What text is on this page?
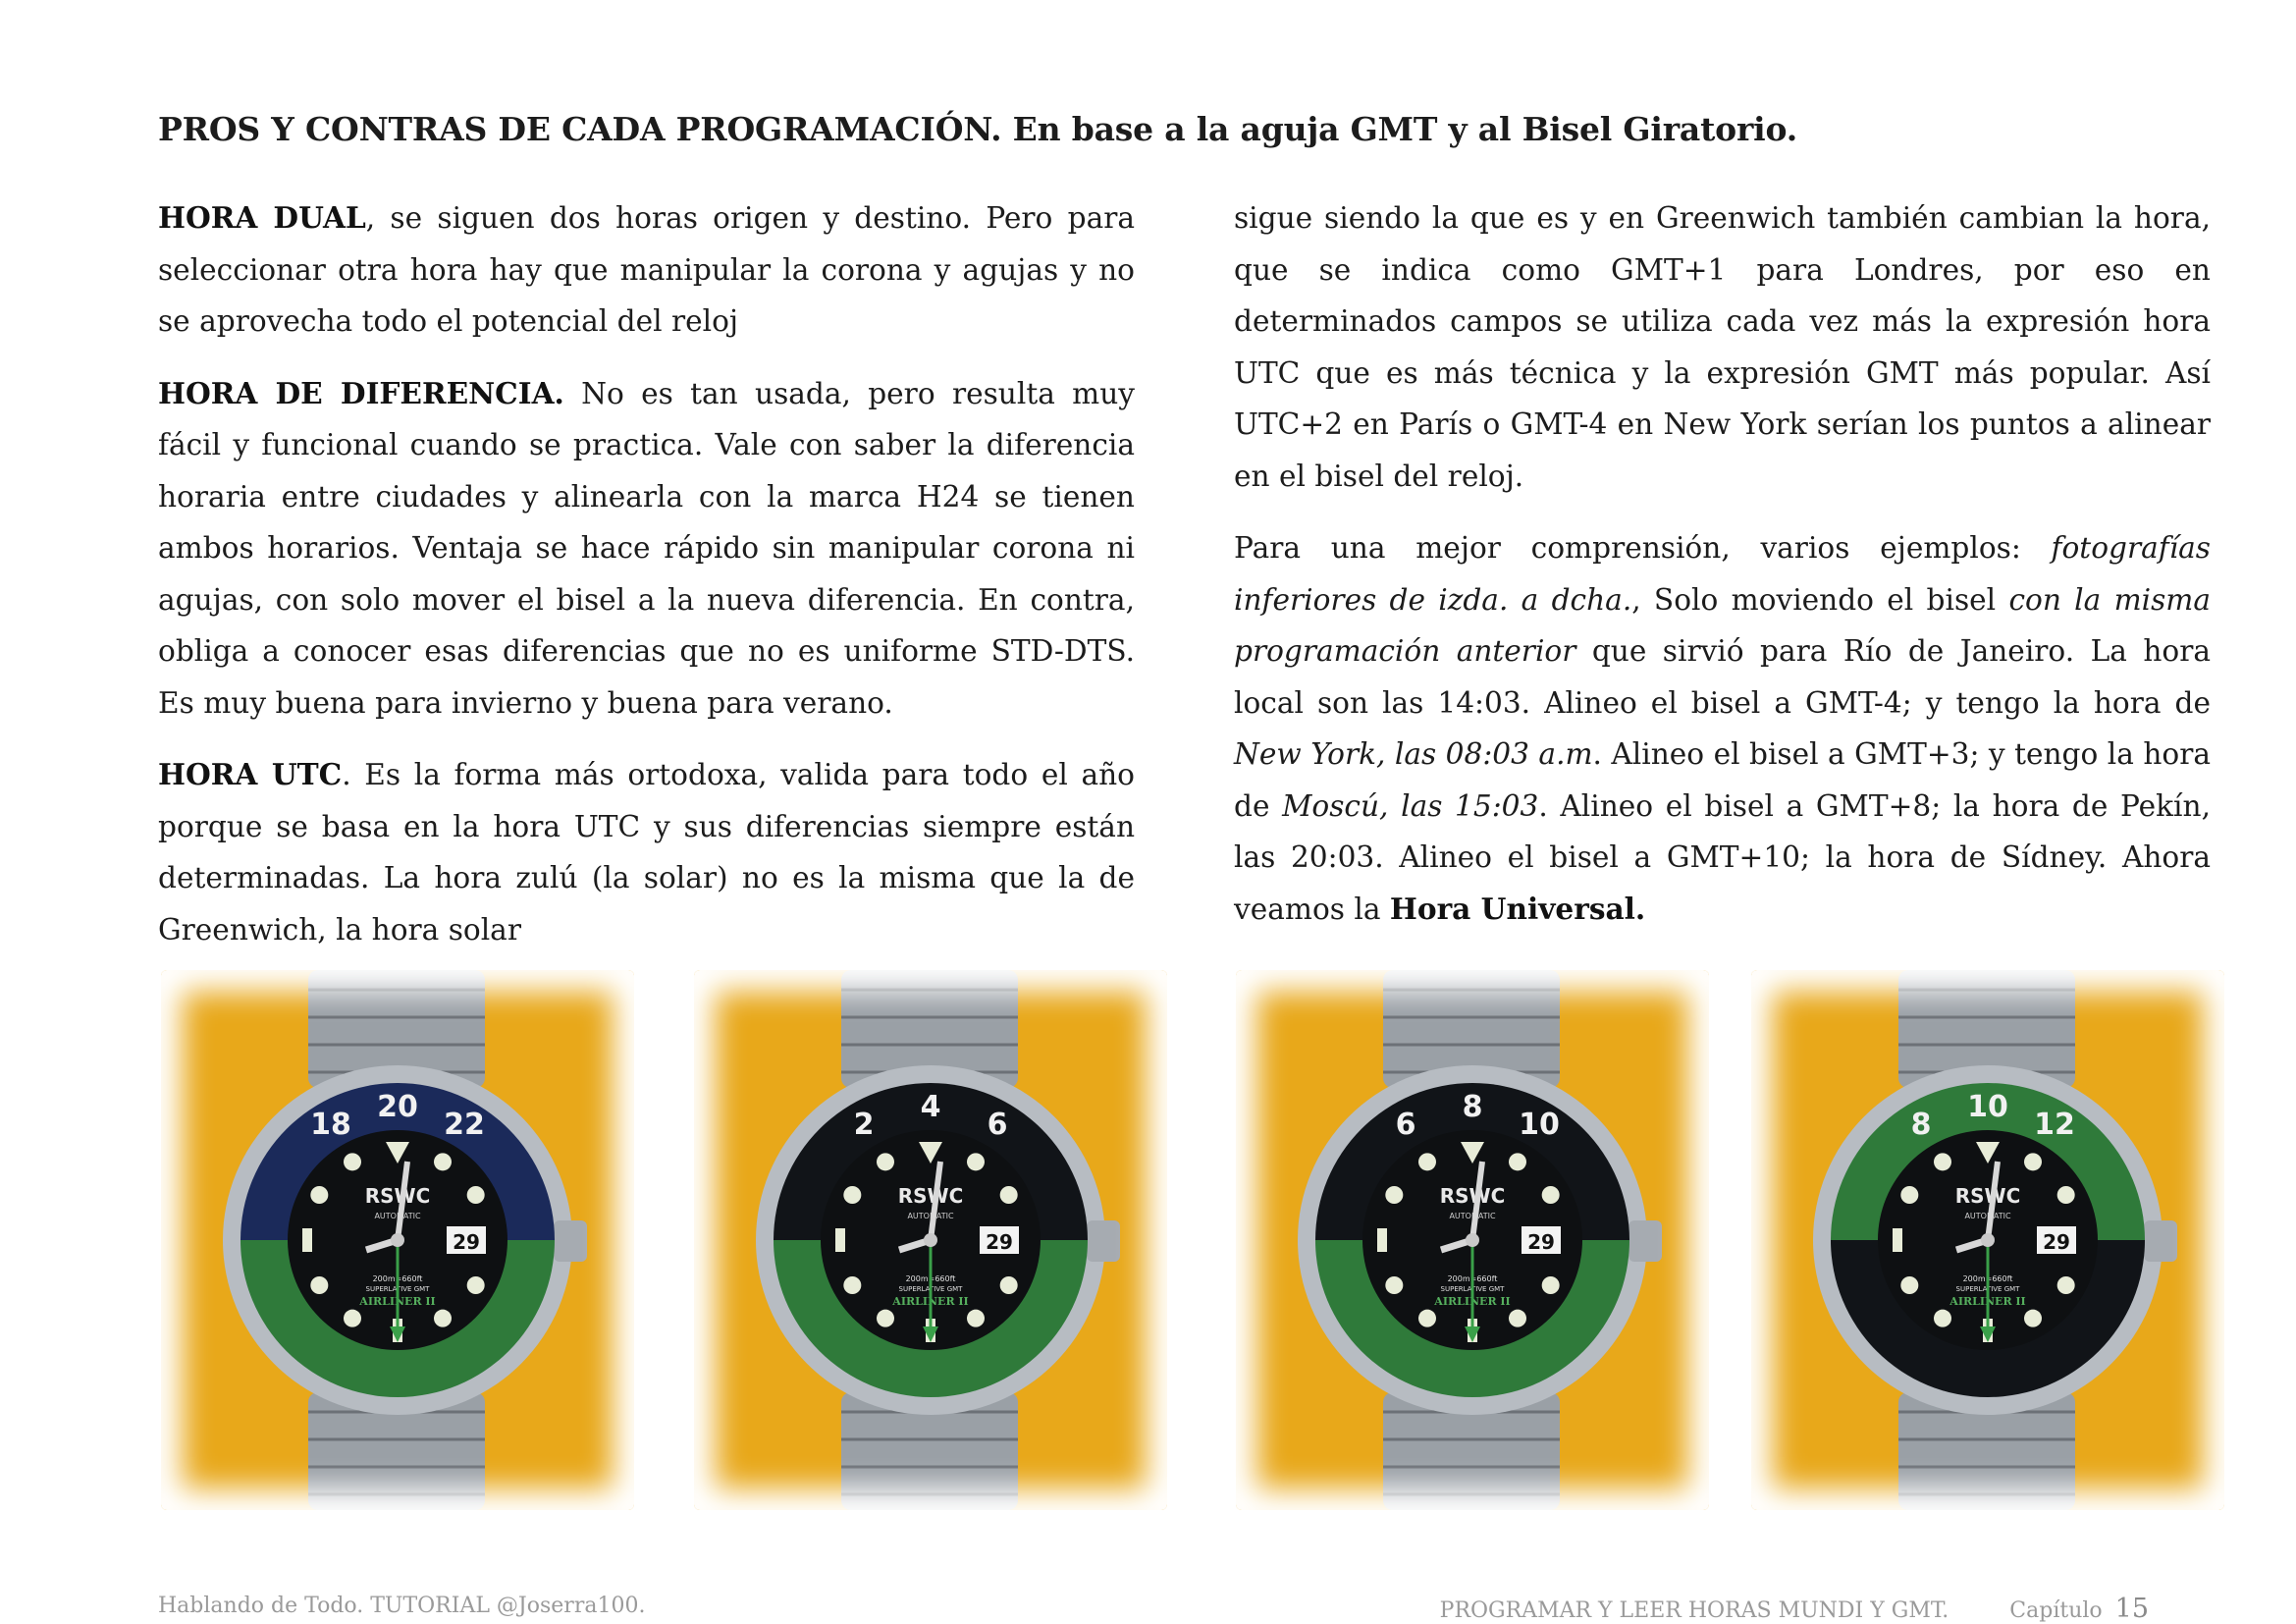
PROS Y CONTRAS DE CADA PROGRAMACIÓN. En base a la aguja GMT y al Bisel Giratorio.

HORA DUAL, se siguen dos horas origen y destino. Pero para seleccionar otra hora hay que manipular la corona y agujas y no se aprovecha todo el potencial del reloj

HORA DE DIFERENCIA. No es tan usada, pero resulta muy fácil y funcional cuando se practica. Vale con saber la diferencia horaria entre ciudades y alinearla con la marca H24 se tienen ambos horarios. Ventaja se hace rápido sin manipular corona ni agujas, con solo mover el bisel a la nueva diferencia. En contra, obliga a conocer esas diferencias que no es uniforme STD-DTS. Es muy buena para invierno y buena para verano.

HORA UTC. Es la forma más ortodoxa, valida para todo el año porque se basa en la hora UTC y sus diferencias siempre están determinadas. La hora zulú (la solar) no es la misma que la de Greenwich, la hora solar

sigue siendo la que es y en Greenwich también cambian la hora, que se indica como GMT+1 para Londres, por eso en determinados campos se utiliza cada vez más la expresión hora UTC que es más técnica y la expresión GMT más popular. Así UTC+2 en París o GMT-4 en New York serían los puntos a alinear en el bisel del reloj.

Para una mejor comprensión, varios ejemplos: fotografías inferiores de izda. a dcha., Solo moviendo el bisel con la misma programación anterior que sirvió para Río de Janeiro. La hora local son las 14:03. Alineo el bisel a GMT-4; y tengo la hora de New York, las 08:03 a.m. Alineo el bisel a GMT+3; y tengo la hora de Moscú, las 15:03. Alineo el bisel a GMT+8; la hora de Pekín, las 20:03. Alineo el bisel a GMT+10; la hora de Sídney. Ahora veamos la Hora Universal.

18
20
22
29
RSWC
AUTOMATIC
200m=660ft
SUPERLATIVE GMT
AIRLINER II
2
4
6
29
RSWC
AUTOMATIC
200m=660ft
SUPERLATIVE GMT
AIRLINER II
6
8
10
29
RSWC
AUTOMATIC
200m=660ft
SUPERLATIVE GMT
AIRLINER II
8
10
12
29
RSWC
AUTOMATIC
200m=660ft
SUPERLATIVE GMT
AIRLINER II
Hablando de Todo. TUTORIAL @Joserra100.	PROGRAMAR Y LEER HORAS MUNDI Y GMT.	Capítulo 15
